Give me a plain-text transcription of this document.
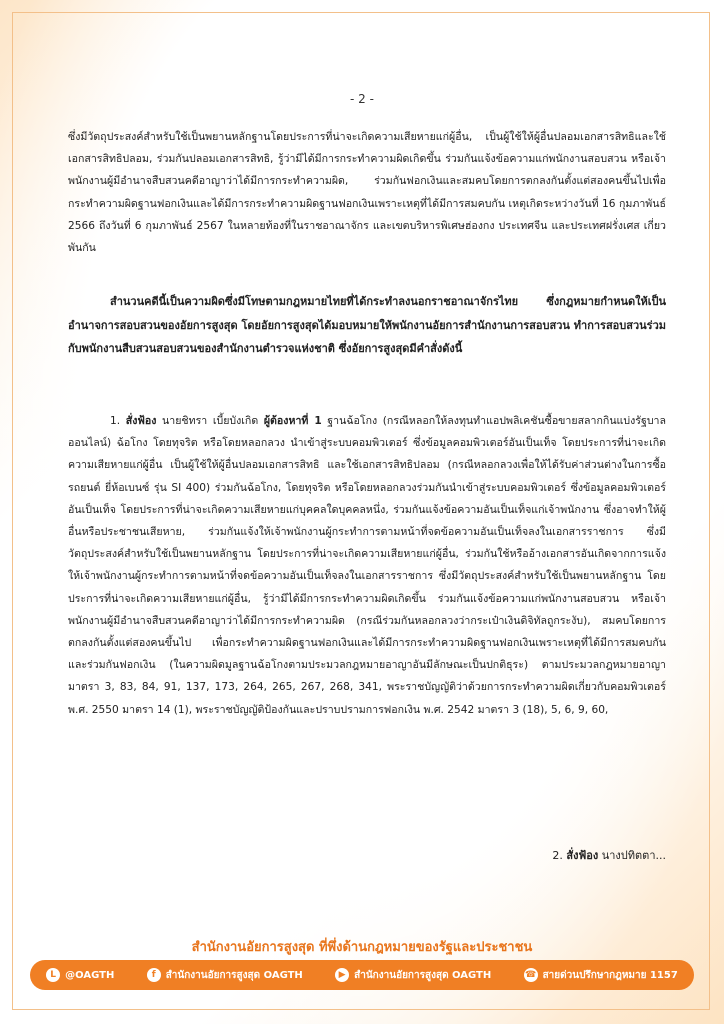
- 2 -

ซึ่งมีวัตถุประสงค์สำหรับใช้เป็นพยานหลักฐานโดยประการที่น่าจะเกิดความเสียหายแก่ผู้อื่น, เป็นผู้ใช้ให้ผู้อื่นปลอมเอกสารสิทธิและใช้เอกสารสิทธิปลอม, ร่วมกันปลอมเอกสารสิทธิ, รู้ว่ามีได้มีการกระทำความผิดเกิดขึ้น ร่วมกันแจ้งข้อความแก่พนักงานสอบสวน หรือเจ้าพนักงานผู้มีอำนาจสืบสวนคดีอาญาว่าได้มีการกระทำความผิด, ร่วมกันฟอกเงินและสมคบโดยการตกลงกันตั้งแต่สองคนขึ้นไปเพื่อกระทำความผิดฐานฟอกเงินและได้มีการกระทำความผิดฐานฟอกเงินเพราะเหตุที่ได้มีการสมคบกัน เหตุเกิดระหว่างวันที่ 16 กุมภาพันธ์ 2566 ถึงวันที่ 6 กุมภาพันธ์ 2567 ในหลายท้องที่ในราชอาณาจักร และเขตบริหารพิเศษฮ่องกง ประเทศจีน และประเทศฝรั่งเศส เกี่ยวพันกัน

สำนวนคดีนี้เป็นความผิดซึ่งมีโทษตามกฎหมายไทยที่ได้กระทำลงนอกราชอาณาจักรไทย ซึ่งกฎหมายกำหนดให้เป็นอำนาจการสอบสวนของอัยการสูงสุด โดยอัยการสูงสุดได้มอบหมายให้พนักงานอัยการสำนักงานการสอบสวน ทำการสอบสวนร่วมกับพนักงานสืบสวนสอบสวนของสำนักงานตำรวจแห่งชาติ ซึ่งอัยการสูงสุดมีคำสั่งดังนี้

1. สั่งฟ้อง นายชิทรา เบี้ยบังเกิด ผู้ต้องหาที่ 1 ฐานฉ้อโกง (กรณีหลอกให้ลงทุนทำแอปพลิเคชันซื้อขายสลากกินแบ่งรัฐบาลออนไลน์) ฉ้อโกง โดยทุจริต หรือโดยหลอกลวง นำเข้าสู่ระบบคอมพิวเตอร์ ซึ่งข้อมูลคอมพิวเตอร์อันเป็นเท็จ โดยประการที่น่าจะเกิดความเสียหายแก่ผู้อื่น เป็นผู้ใช้ให้ผู้อื่นปลอมเอกสารสิทธิ และใช้เอกสารสิทธิปลอม (กรณีหลอกลวงเพื่อให้ได้รับค่าส่วนต่างในการซื้อรถยนต์ ยี่ห้อเบนซ์ รุ่น SI 400) ร่วมกันฉ้อโกง, โดยทุจริต หรือโดยหลอกลวงร่วมกันนำเข้าสู่ระบบคอมพิวเตอร์ ซึ่งข้อมูลคอมพิวเตอร์อันเป็นเท็จ โดยประการที่น่าจะเกิดความเสียหายแก่บุคคลใดบุคคลหนึ่ง, ร่วมกันแจ้งข้อความอันเป็นเท็จแก่เจ้าพนักงาน ซึ่งอาจทำให้ผู้อื่นหรือประชาชนเสียหาย, ร่วมกันแจ้งให้เจ้าพนักงานผู้กระทำการตามหน้าที่จดข้อความอันเป็นเท็จลงในเอกสารราชการ ซึ่งมีวัตถุประสงค์สำหรับใช้เป็นพยานหลักฐาน โดยประการที่น่าจะเกิดความเสียหายแก่ผู้อื่น, ร่วมกันใช้หรืออ้างเอกสารอันเกิดจากการแจ้งให้เจ้าพนักงานผู้กระทำการตามหน้าที่จดข้อความอันเป็นเท็จลงในเอกสารราชการ ซึ่งมีวัตถุประสงค์สำหรับใช้เป็นพยานหลักฐาน โดยประการที่น่าจะเกิดความเสียหายแก่ผู้อื่น, รู้ว่ามีได้มีการกระทำความผิดเกิดขึ้น ร่วมกันแจ้งข้อความแก่พนักงานสอบสวน หรือเจ้าพนักงานผู้มีอำนาจสืบสวนคดีอาญาว่าได้มีการกระทำความผิด (กรณีร่วมกันหลอกลวงว่ากระเป๋าเงินดิจิทัลถูกระงับ), สมคบโดยการตกลงกันตั้งแต่สองคนขึ้นไป เพื่อกระทำความผิดฐานฟอกเงินและได้มีการกระทำความผิดฐานฟอกเงินเพราะเหตุที่ได้มีการสมคบกัน และร่วมกันฟอกเงิน (ในความผิดมูลฐานฉ้อโกงตามประมวลกฎหมายอาญาอันมีลักษณะเป็นปกติธุระ) ตามประมวลกฎหมายอาญา มาตรา 3, 83, 84, 91, 137, 173, 264, 265, 267, 268, 341, พระราชบัญญัติว่าด้วยการกระทำความผิดเกี่ยวกับคอมพิวเตอร์ พ.ศ. 2550 มาตรา 14 (1), พระราชบัญญัติป้องกันและปราบปรามการฟอกเงิน พ.ศ. 2542 มาตรา 3 (18), 5, 6, 9, 60,

2. สั่งฟ้อง นางปทิตตา...
สำนักงานอัยการสูงสุด ที่พึ่งด้านกฎหมายของรัฐและประชาชน
L @OAGTH	f	สำนักงานอัยการสูงสุด OAGTH	▶ สำนักงานอัยการสูงสุด OAGTH	☎ สายด่วนปรึกษากฎหมาย 1157
